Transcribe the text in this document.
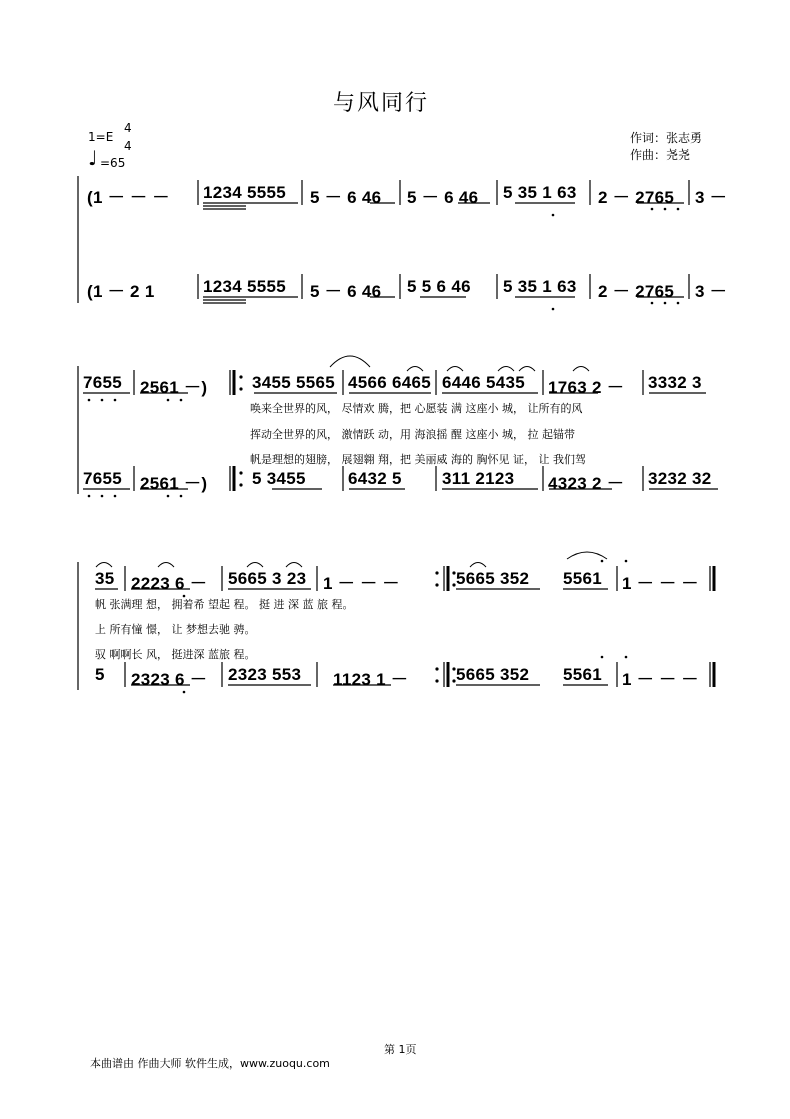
与风同行
1=E
4
4
♩ =65
作词：张志勇
作曲：尧尧
(1 － － － 1234 5555 5 － 6 46 5 － 6 46 5 35 1 63 2 － 2765 3 －
(1 － 2 1	1234 5555 5 － 6 46 5 5 6 46 5 35 1 63 2 － 2765 3 －
7655 2561 －)	3455 5565 4566 6465 6446 5435 1763 2 － 3332 3
唤来全世界的风， 尽情欢 腾，把 心愿装 满 这座小 城， 让所有的风
挥动全世界的风， 激情跃 动，用 海浪摇 醒 这座小 城， 拉 起锚带
帆是理想的翅膀， 展翅翱 翔，把 美丽威 海的 胸怀见 证， 让 我们驾
7655 2561 －)	5 3455 6432 5 311 2123 4323 2 － 3232 32
35 2223 6 － 5665 3 23 1 － － －	5665 352 5561 1 － － －
帆 张满理 想， 拥着希 望起 程。 挺 进 深 蓝 旅 程。
上 所有憧 憬， 让 梦想去驰 骋。
驭 啊啊长 风， 挺进深 蓝旅 程。
5 2323 6 － 2323 553 1123 1 －	5665 352 5561 1 － － －
第 1页
本曲谱由 作曲大师 软件生成，www.zuoqu.com
